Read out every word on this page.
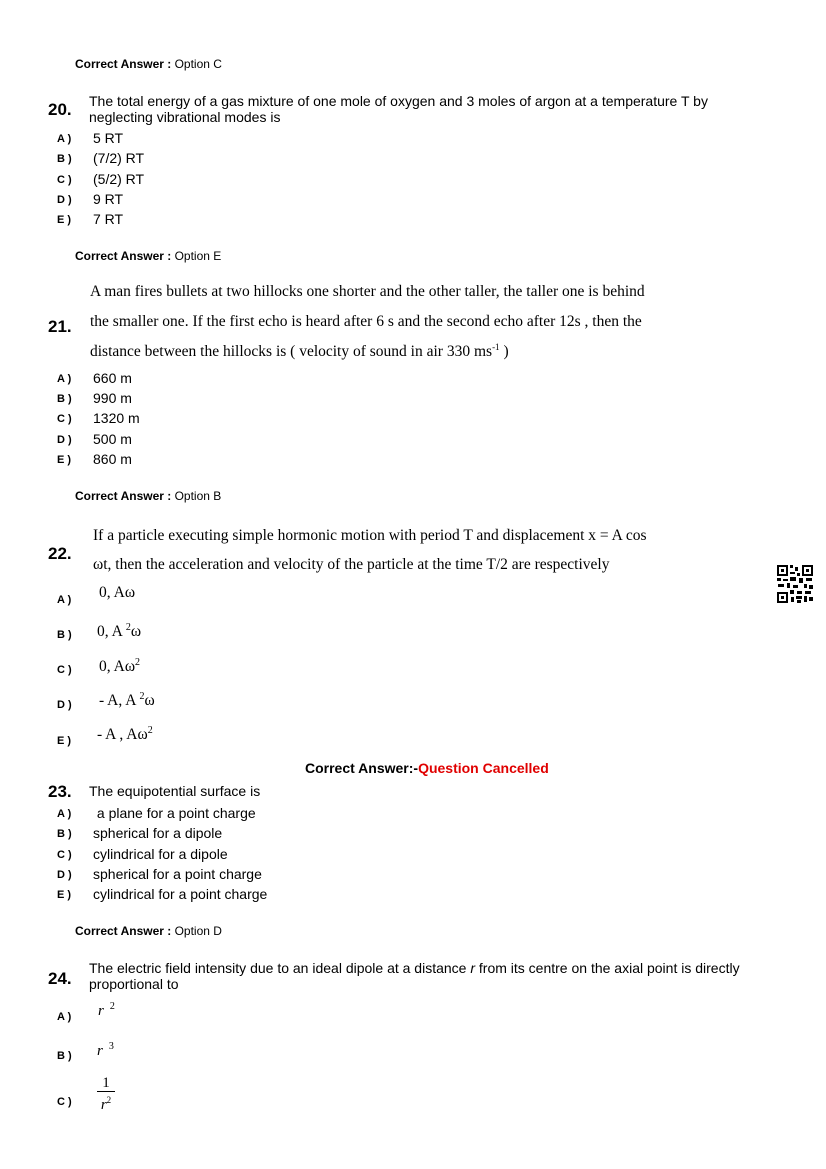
Correct Answer : Option C
20. The total energy of a gas mixture of one mole of oxygen and 3 moles of argon at a temperature T by
neglecting vibrational modes is
A ) 5 RT
B ) (7/2) RT
C ) (5/2) RT
D ) 9 RT
E ) 7 RT
Correct Answer : Option E
21.
A man fires bullets at two hillocks one shorter and the other taller, the taller one is behind
the smaller one. If the first echo is heard after 6 s and the second echo after 12s , then the
distance between the hillocks is ( velocity of sound in air 330 $ms^{-1}$ )
A ) 660 m
B ) 990 m
C ) 1320 m
D ) 500 m
E ) 860 m
Correct Answer : Option B
22.
If a particle executing simple hormonic motion with period T and displacement x = A cos
ωt, then the acceleration and velocity of the particle at the time T/2 are respectively
A ) 0, Aω
B ) 0, A $^2$ω
C ) 0, $A\omega^2$
D ) - A, A $^2$ω
E ) - A , $A\omega^2$
Correct Answer:-Question Cancelled
23. The equipotential surface is
A ) a plane for a point charge
B ) spherical for a dipole
C ) cylindrical for a dipole
D ) spherical for a point charge
E ) cylindrical for a point charge
Correct Answer : Option D
24.
The electric field intensity due to an ideal dipole at a distance r from its centre on the axial point is directly
proportional to
A ) r $^2$
B ) r $^3$
C )
1
$r^2$
